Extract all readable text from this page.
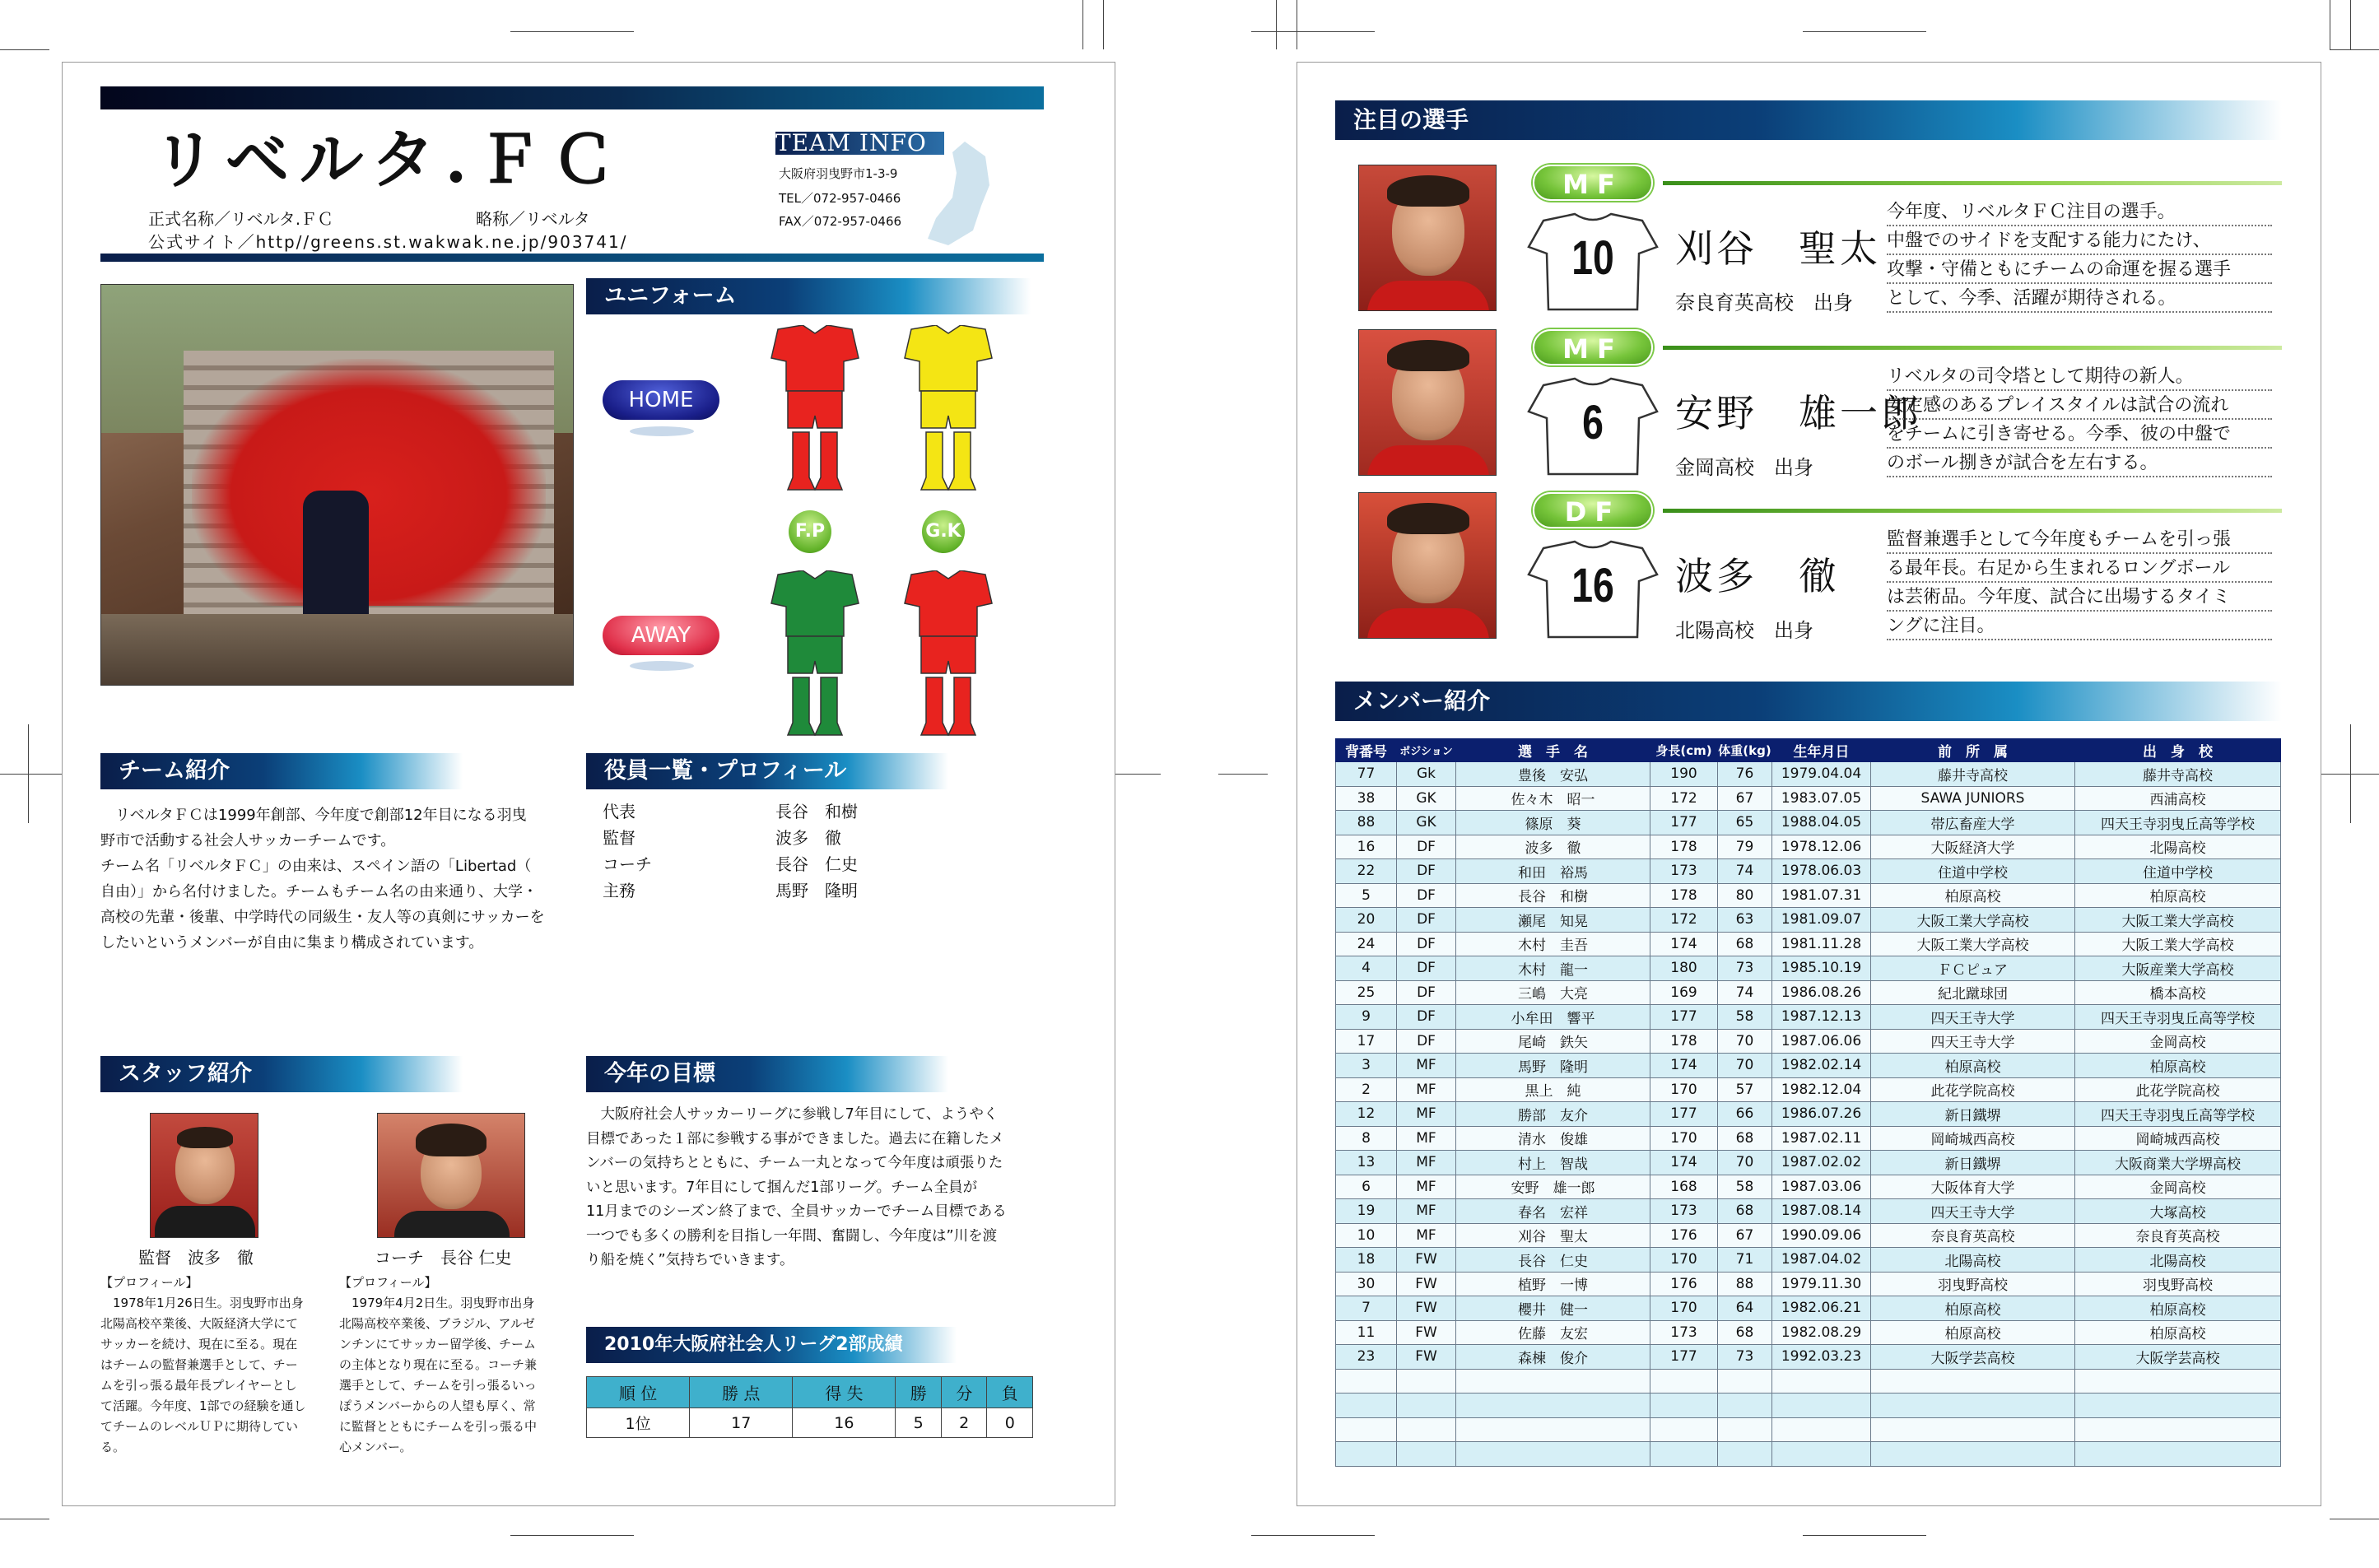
リベルタ.ＦＣ
正式名称／リベルタ.ＦＣ	略称／リベルタ
公式サイト／http//greens.st.wakwak.ne.jp/903741/
TEAM INFO
大阪府羽曳野市1-3-9
TEL／072-957-0466
FAX／072-957-0466
ユニフォーム
HOME
AWAY
F.P	G.K
チーム紹介
　リベルタＦＣは1999年創部、今年度で創部12年目になる羽曳
野市で活動する社会人サッカーチームです。
チーム名「リベルタＦＣ」の由来は、スペイン語の「Libertad（
自由）」から名付けました。チームもチーム名の由来通り、大学・
高校の先輩・後輩、中学時代の同級生・友人等の真剣にサッカーを
したいというメンバーが自由に集まり構成されています。
役員一覧・プロフィール
代表	長谷　和樹
監督	波多　徹
コーチ	長谷　仁史
主務	馬野　隆明
スタッフ紹介
監督　波多　徹
【プロフィール】
　1978年1月26日生。羽曳野市出身
北陽高校卒業後、大阪経済大学にて
サッカーを続け、現在に至る。現在
はチームの監督兼選手として、チー
ムを引っ張る最年長プレイヤーとし
て活躍。今年度、1部での経験を通し
てチームのレベルＵＰに期待してい
る。
コーチ　長谷 仁史
【プロフィール】
　1979年4月2日生。羽曳野市出身
北陽高校卒業後、ブラジル、アルゼ
ンチンにてサッカー留学後、チーム
の主体となり現在に至る。コーチ兼
選手として、チームを引っ張るいっ
ぽうメンバーからの人望も厚く、常
に監督とともにチームを引っ張る中
心メンバー。
今年の目標
　大阪府社会人サッカーリーグに参戦し7年目にして、ようやく
目標であった１部に参戦する事ができました。過去に在籍したメ
ンバーの気持ちとともに、チーム一丸となって今年度は頑張りた
いと思います。7年目にして掴んだ1部リーグ。チーム全員が
11月までのシーズン終了まで、全員サッカーでチーム目標である
一つでも多くの勝利を目指し一年間、奮闘し、今年度は”川を渡
り船を焼く”気持ちでいきます。
2010年大阪府社会人リーグ2部成績
順 位	勝 点	得 失	勝	分	負
1位	17	16	5	2	0
注目の選手
MF
10 刈谷　聖太
奈良育英高校　出身
今年度、リベルタＦＣ注目の選手。
中盤でのサイドを支配する能力にたけ、
攻撃・守備ともにチームの命運を握る選手
として、今季、活躍が期待される。
MF
6	安野　雄一郎
金岡高校　出身
リベルタの司令塔として期待の新人。
安定感のあるプレイスタイルは試合の流れ
をチームに引き寄せる。今季、彼の中盤で
のボール捌きが試合を左右する。
DF
16 波多　徹
北陽高校　出身
監督兼選手として今年度もチームを引っ張
る最年長。右足から生まれるロングボール
は芸術品。今年度、試合に出場するタイミ
ングに注目。
メンバー紹介
背番号	ポジション	選　手　名	身長(cm)	体重(kg)	生年月日	前　所　属	出　身　校
77	Gk	豊後　安弘	190	76	1979.04.04	藤井寺高校	藤井寺高校
38	GK	佐々木　昭一	172	67	1983.07.05	SAWA JUNIORS	西浦高校
88	GK	篠原　葵	177	65	1988.04.05	帯広畜産大学	四天王寺羽曳丘高等学校
16	DF	波多　徹	178	79	1978.12.06	大阪経済大学	北陽高校
22	DF	和田　裕馬	173	74	1978.06.03	住道中学校	住道中学校
5	DF	長谷　和樹	178	80	1981.07.31	柏原高校	柏原高校
20	DF	瀬尾　知晃	172	63	1981.09.07	大阪工業大学高校	大阪工業大学高校
24	DF	木村　圭吾	174	68	1981.11.28	大阪工業大学高校	大阪工業大学高校
4	DF	木村　龍一	180	73	1985.10.19	ＦＣピュア	大阪産業大学高校
25	DF	三嶋　大亮	169	74	1986.08.26	紀北蹴球団	橋本高校
9	DF	小牟田　響平	177	58	1987.12.13	四天王寺大学	四天王寺羽曳丘高等学校
17	DF	尾崎　鉄矢	178	70	1987.06.06	四天王寺大学	金岡高校
3	MF	馬野　隆明	174	70	1982.02.14	柏原高校	柏原高校
2	MF	黒上　純	170	57	1982.12.04	此花学院高校	此花学院高校
12	MF	勝部　友介	177	66	1986.07.26	新日鐵堺	四天王寺羽曳丘高等学校
8	MF	清水　俊雄	170	68	1987.02.11	岡崎城西高校	岡崎城西高校
13	MF	村上　智哉	174	70	1987.02.02	新日鐵堺	大阪商業大学堺高校
6	MF	安野　雄一郎	168	58	1987.03.06	大阪体育大学	金岡高校
19	MF	春名　宏祥	173	68	1987.08.14	四天王寺大学	大塚高校
10	MF	刈谷　聖太	176	67	1990.09.06	奈良育英高校	奈良育英高校
18	FW	長谷　仁史	170	71	1987.04.02	北陽高校	北陽高校
30	FW	植野　一博	176	88	1979.11.30	羽曳野高校	羽曳野高校
7	FW	櫻井　健一	170	64	1982.06.21	柏原高校	柏原高校
11	FW	佐藤　友宏	173	68	1982.08.29	柏原高校	柏原高校
23	FW	森棟　俊介	177	73	1992.03.23	大阪学芸高校	大阪学芸高校
